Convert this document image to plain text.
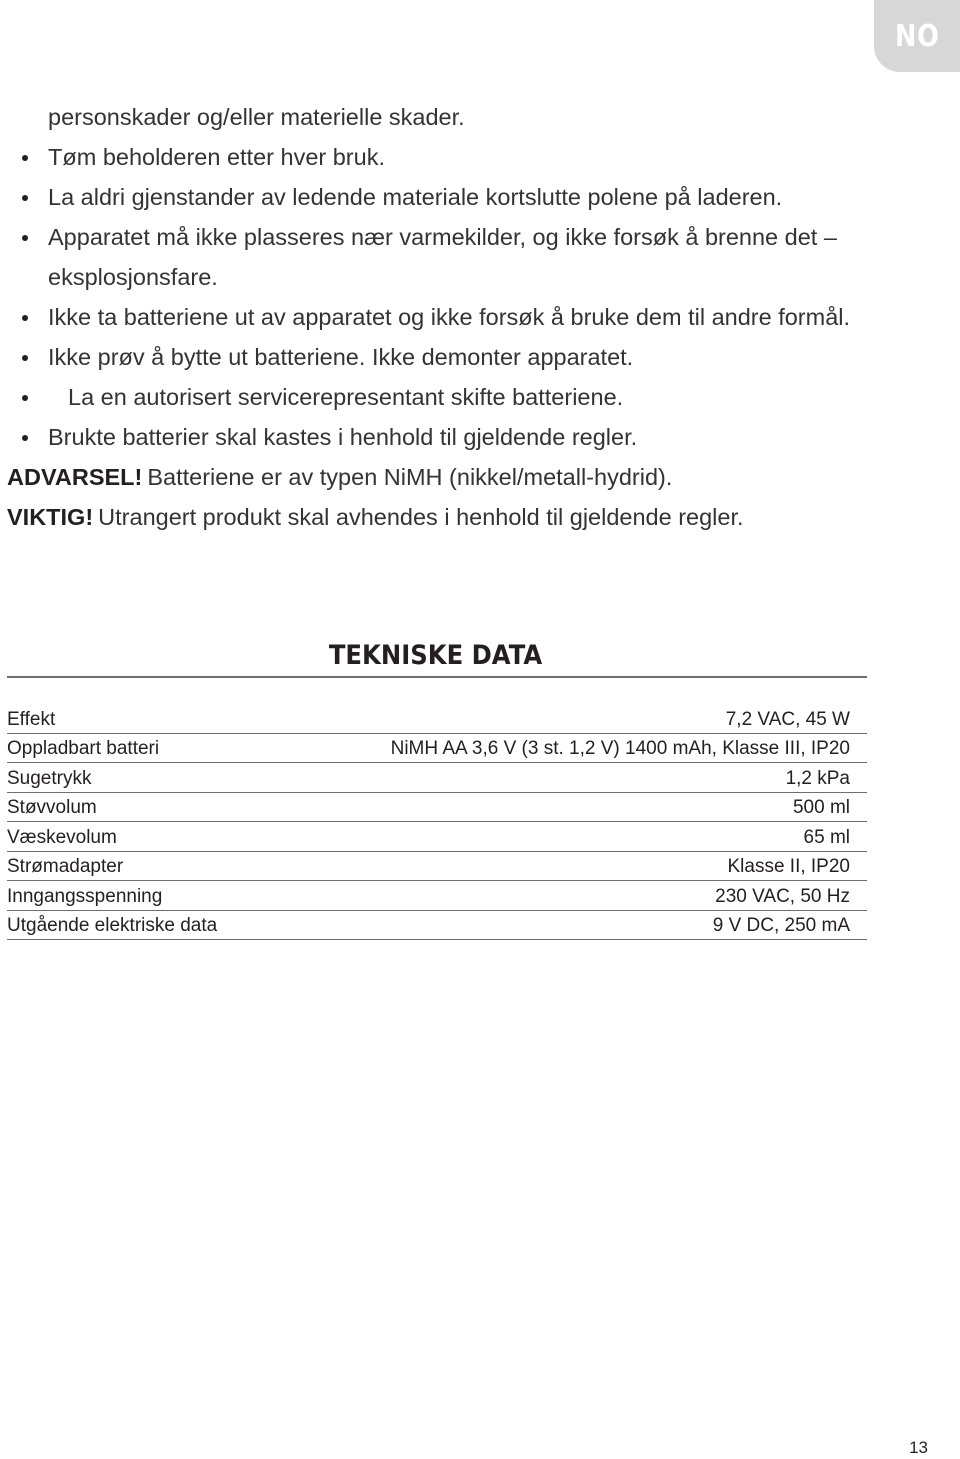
NO
personskader og/eller materielle skader.
Tøm beholderen etter hver bruk.
La aldri gjenstander av ledende materiale kortslutte polene på laderen.
Apparatet må ikke plasseres nær varmekilder, og ikke forsøk å brenne det –
eksplosjonsfare.
Ikke ta batteriene ut av apparatet og ikke forsøk å bruke dem til andre formål.
Ikke prøv å bytte ut batteriene. Ikke demonter apparatet.
La en autorisert servicerepresentant skifte batteriene.
Brukte batterier skal kastes i henhold til gjeldende regler.
ADVARSEL! Batteriene er av typen NiMH (nikkel/metall-hydrid).
VIKTIG! Utrangert produkt skal avhendes i henhold til gjeldende regler.
TEKNISKE DATA
Effekt	7,2 VAC, 45 W
Oppladbart batteri	NiMH AA 3,6 V (3 st. 1,2 V) 1400 mAh, Klasse III, IP20
Sugetrykk	1,2 kPa
Støvvolum	500 ml
Væskevolum	65 ml
Strømadapter	Klasse II, IP20
Inngangsspenning	230 VAC, 50 Hz
Utgående elektriske data	9 V DC, 250 mA
13
